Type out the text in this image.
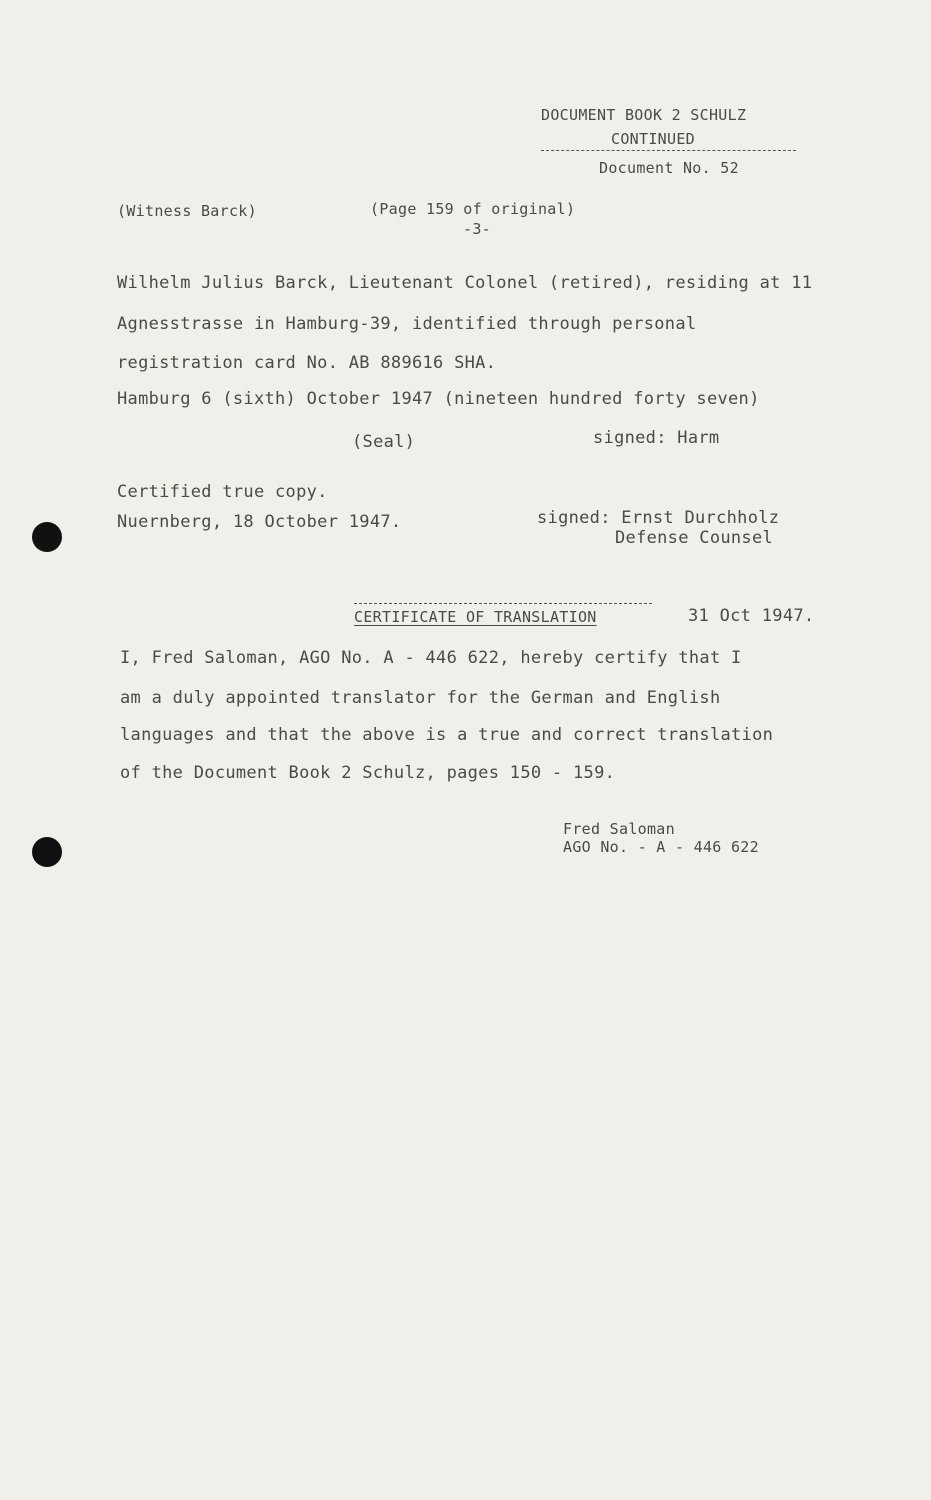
DOCUMENT BOOK 2 SCHULZ
CONTINUED
Document No. 52
(Witness Barck)	(Page 159 of original)
-3-
Wilhelm Julius Barck, Lieutenant Colonel (retired), residing at 11
Agnesstrasse in Hamburg-39, identified through personal
registration card No. AB 889616 SHA.
Hamburg 6 (sixth) October 1947 (nineteen hundred forty seven)
(Seal)	signed: Harm
Certified true copy.
Nuernberg, 18 October 1947.	signed: Ernst Durchholz
Defense Counsel
CERTIFICATE OF TRANSLATION	31 Oct 1947.
I, Fred Saloman, AGO No. A - 446 622, hereby certify that I
am a duly appointed translator for the German and English
languages and that the above is a true and correct translation
of the Document Book 2 Schulz, pages 150 - 159.
Fred Saloman
AGO No. - A - 446 622
